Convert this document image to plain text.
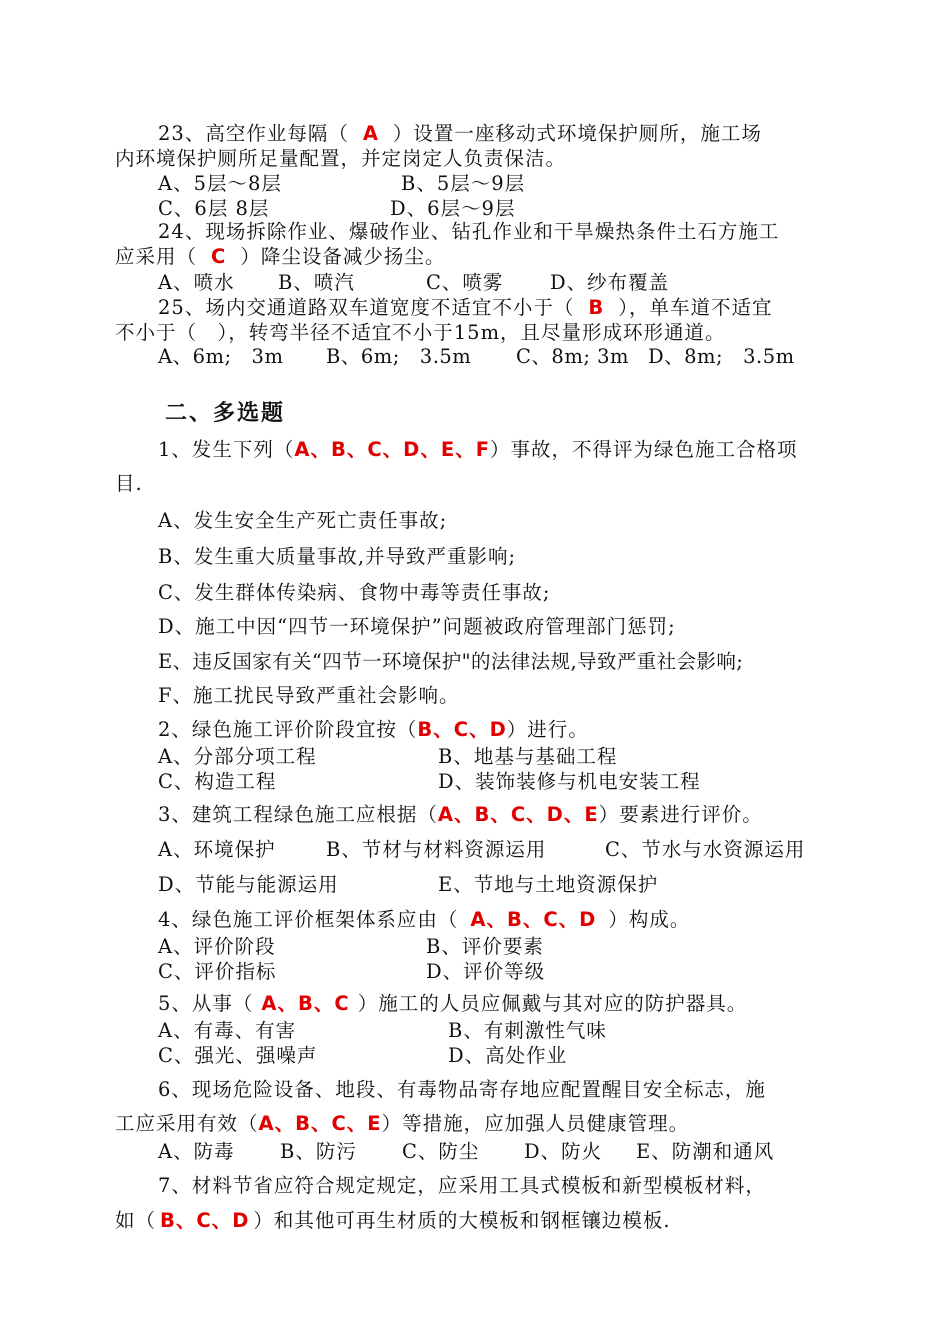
23、高空作业每隔（ A ）设置一座移动式环境保护厕所，施工场
内环境保护厕所足量配置，并定岗定人负责保洁。
A、5层～8层	B、5层～9层
C、6层 8层	D、6层～9层
24、现场拆除作业、爆破作业、钻孔作业和干旱燥热条件土石方施工
应采用（ C ）降尘设备减少扬尘。
A、喷水 B、喷汽	C、喷雾 D、纱布覆盖
25、场内交通道路双车道宽度不适宜不小于（ B ），单车道不适宜
不小于（　），转弯半径不适宜不小于15m，且尽量形成环形通道。
A、6m;　3m B、6m;　3.5m C、8m; 3m D、8m;　3.5m
二、多选题
1、发生下列（A、B、C、D、E、F）事故，不得评为绿色施工合格项
目.
A、发生安全生产死亡责任事故;
B、发生重大质量事故,并导致严重影响;
C、发生群体传染病、食物中毒等责任事故;
D、施工中因“四节一环境保护”问题被政府管理部门惩罚;
E、违反国家有关“四节一环境保护"的法律法规,导致严重社会影响;
F、施工扰民导致严重社会影响。
2、绿色施工评价阶段宜按（B、C、D）进行。
A、分部分项工程	B、地基与基础工程
C、构造工程	D、装饰装修与机电安装工程
3、建筑工程绿色施工应根据（A、B、C、D、E）要素进行评价。
A、环境保护	B、节材与材料资源运用	C、节水与水资源运用
D、节能与能源运用	E、节地与土地资源保护
4、绿色施工评价框架体系应由（ A、B、C、D ）构成。
A、评价阶段	B、评价要素
C、评价指标	D、评价等级
5、从事（ A、B、C ）施工的人员应佩戴与其对应的防护器具。
A、有毒、有害	B、有刺激性气味
C、强光、强噪声	D、高处作业
6、现场危险设备、地段、有毒物品寄存地应配置醒目安全标志，施
工应采用有效（A、B、C、E）等措施，应加强人员健康管理。
A、防毒 B、防污 C、防尘 D、防火 E、防潮和通风
7、材料节省应符合规定规定，应采用工具式模板和新型模板材料，
如（ B、C、D ）和其他可再生材质的大模板和钢框镶边模板.
